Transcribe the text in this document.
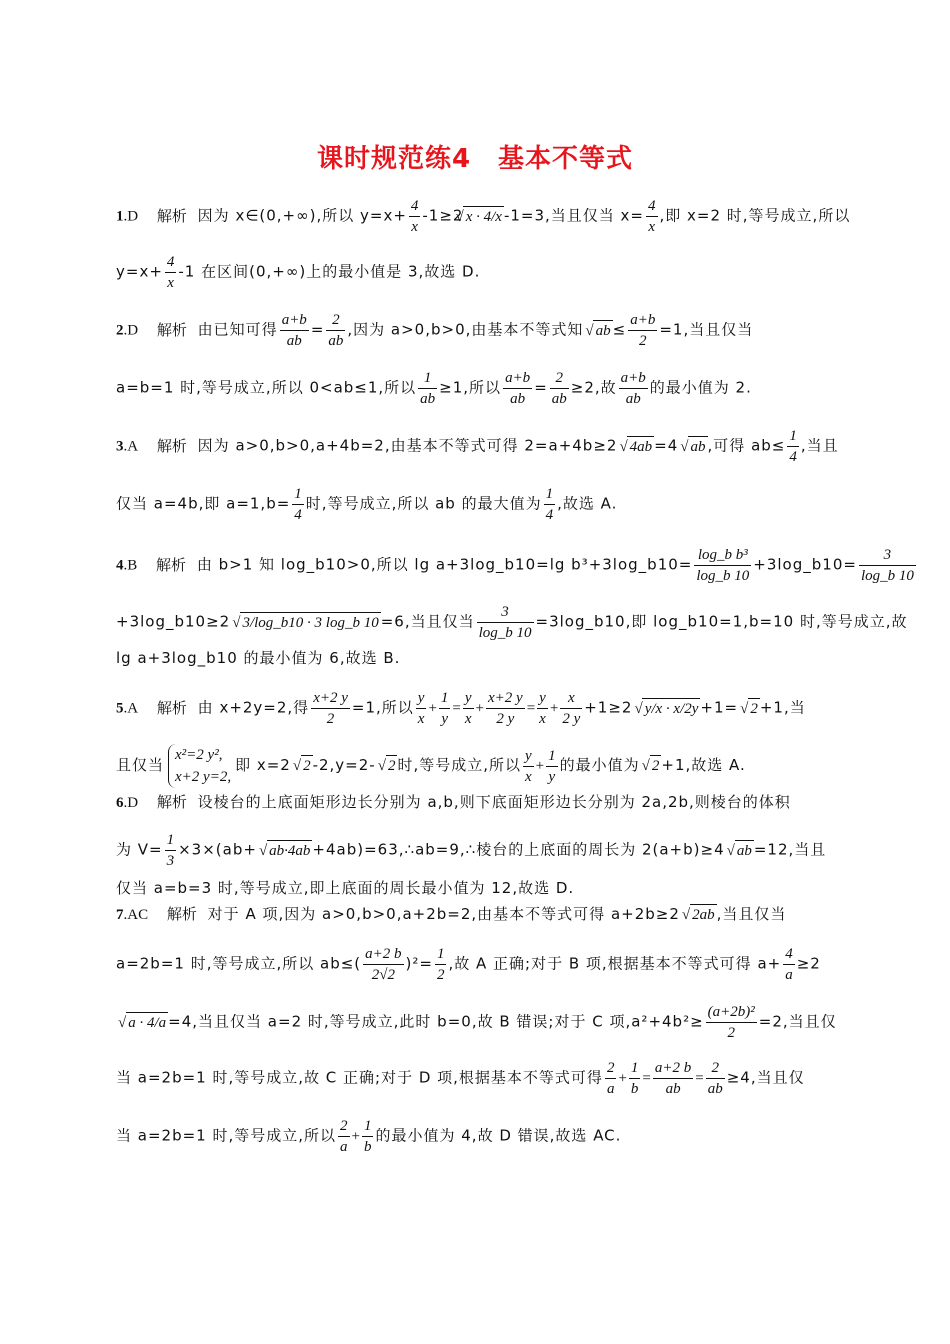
课时规范练4　基本不等式
1.D 解析 因为 x∈(0,+∞),所以 $y=x+ \frac{4}{x} -1\ge 2√$ x · 4/x -1=3,当且仅当 $x= \frac{4}{x}$ ,即 x=2 时,等号成立,所以
$y=x+ \frac{4}{x} -1$ 在区间(0,+∞)上的最小值是 3,故选 D.
2.D 解析 由已知可得 $\frac{a+b}{ab} = \frac{2}{ab}$ ,因为 a>0,b>0,由基本不等式知√ ab ≤ $\frac{a+b}{2} =1$,当且仅当
a=b=1 时,等号成立,所以 0<ab≤1,所以 $\frac{1}{ab} \ge 1$,所以 $\frac{a+b}{ab} = \frac{2}{ab} \ge 2$,故 $\frac{a+b}{ab}$ 的最小值为 2.
3.A 解析 因为 a>0,b>0,a+4b=2,由基本不等式可得 2=a+4b≥2√ 4ab =4√ ab ,可得 $ab\le \frac{1}{4}$ ,当且
仅当 a=4b,即 $a=1,b= \frac{1}{4}$ 时,等号成立,所以 ab 的最大值为 $\frac{1}{4}$ ,故选 A.
4.B 解析 由 b>1 知 log_b10>0,所以 lg a+3log_b10=lg b³+3log_b10= $\frac{\text{log\_b b³}}{\log\_b 10}$ +3log_b10= $\frac{3}{\log\_b 10}$
+3log_b10≥2√ 3/log_b10 · 3 log_b 10 =6,当且仅当 $\frac{3}{\log\_b 10}$ =3log_b10,即 log_b10=1,b=10 时,等号成立,故
lg a+3log_b10 的最小值为 6,故选 B.
5.A 解析 由 x+2y=2,得 $\frac{x+2 y}{2} =1$,所以 $\frac{y}{x} + \frac{1}{y} = \frac{y}{x} + \frac{x+2 y}{2 y} = \frac{y}{x} + \frac{x}{2 y} +1\ge 2√$ y/x · x/2y +1=√ 2 +1,当
且仅当
x²=2 y²,
x+2 y=2,
即 x=2√ 2 -2,y=2-√ 2 时,等号成立,所以 $\frac{y}{x} + \frac{1}{y}$ 的最小值为√ 2 +1,故选 A.
6.D 解析 设棱台的上底面矩形边长分别为 a,b,则下底面矩形边长分别为 2a,2b,则棱台的体积
为 $V= \frac{1}{3} \times 3\times(ab+√$ ab·4ab +4ab)=63,∴ab=9,∴棱台的上底面的周长为 2(a+b)≥4√ ab =12,当且
仅当 a=b=3 时,等号成立,即上底面的周长最小值为 12,故选 D.
7.AC 解析 对于 A 项,因为 a>0,b>0,a+2b=2,由基本不等式可得 a+2b≥2√ 2ab ,当且仅当
a=2b=1 时,等号成立,所以 $ab\le( \frac{a+2 b}{2√2} )^2= \frac{1}{2}$ ,故 A 正确;对于 B 项,根据基本不等式可得 $a+ \frac{4}{a} \ge 2$
√ a · 4/a =4,当且仅当 a=2 时,等号成立,此时 b=0,故 B 错误;对于 C 项$,a^2+4b^2\ge \frac{\text{(a+2b)²}}{2} =2$,当且仅
当 a=2b=1 时,等号成立,故 C 正确;对于 D 项,根据基本不等式可得 $\frac{2}{a} + \frac{1}{b} = \frac{a+2 b}{ab} = \frac{2}{ab} \ge 4$,当且仅
当 a=2b=1 时,等号成立,所以 $\frac{2}{a} + \frac{1}{b}$ 的最小值为 4,故 D 错误,故选 AC.
